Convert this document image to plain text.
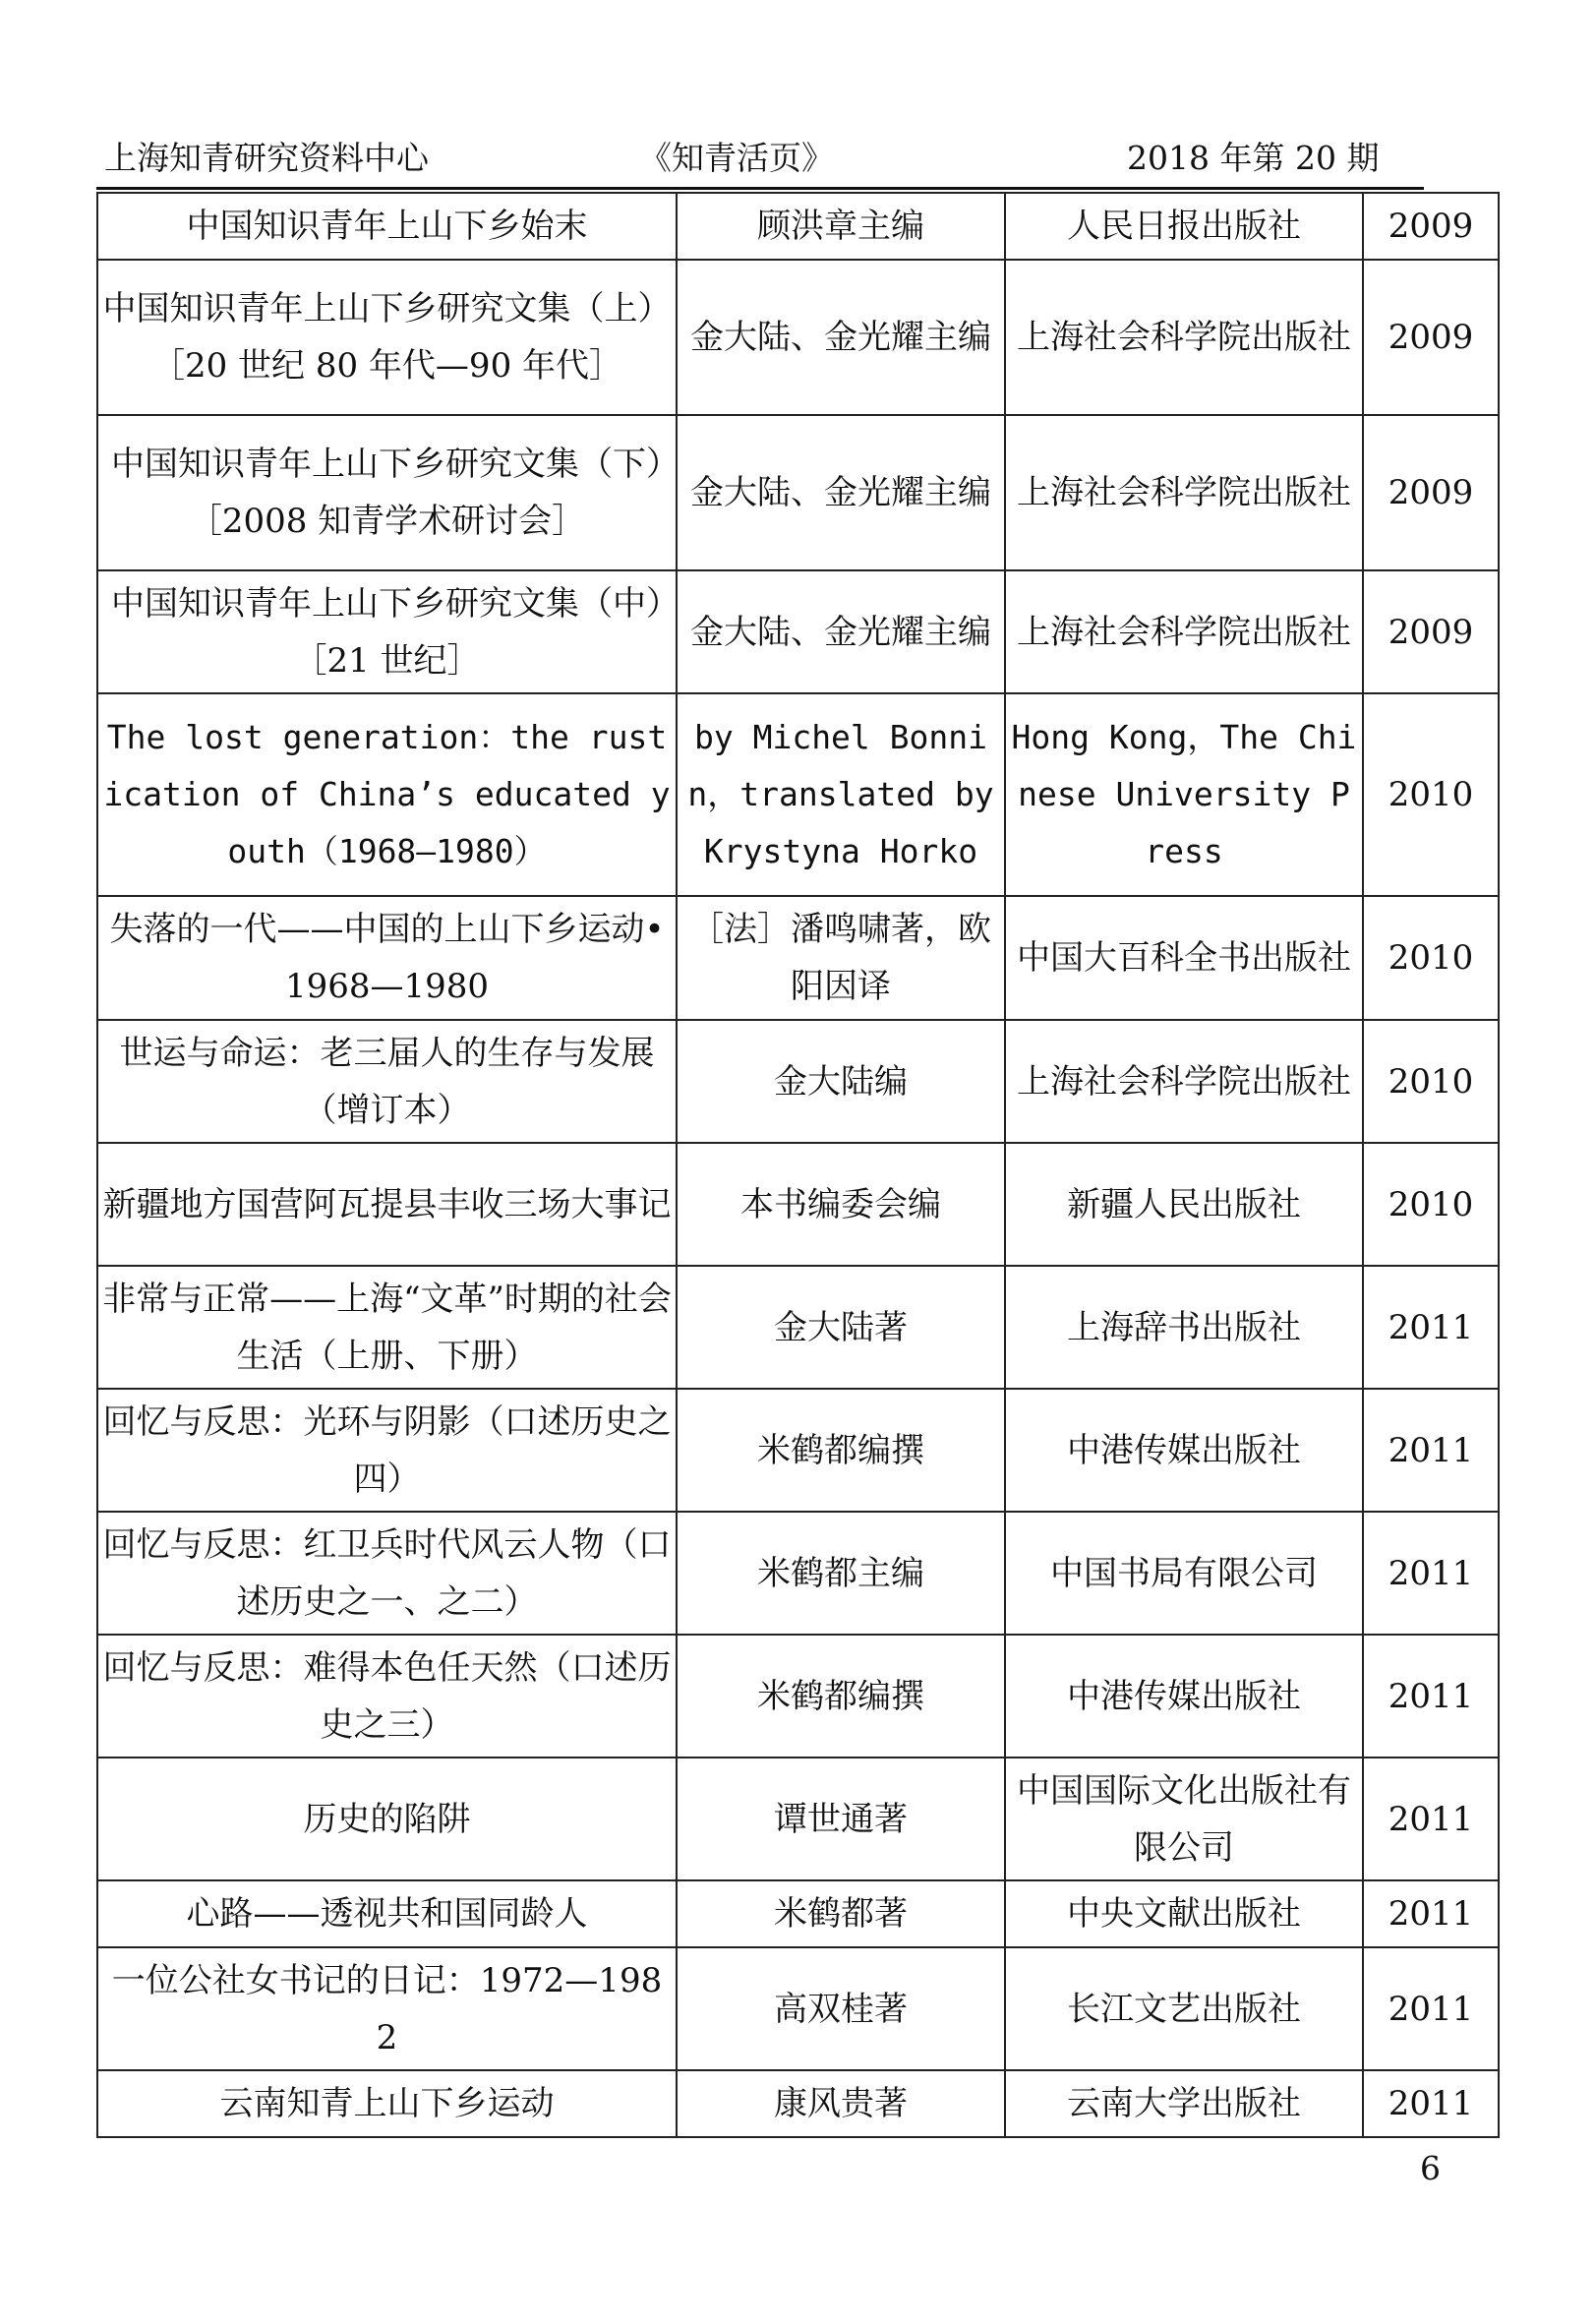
上海知青研究资料中心	《知青活页》	2018 年第 20 期
中国知识青年上山下乡始末	顾洪章主编	人民日报出版社	2009
中国知识青年上山下乡研究文集（上）［20 世纪 80 年代—90 年代］	金大陆、金光耀主编	上海社会科学院出版社	2009
中国知识青年上山下乡研究文集（下）　［2008 知青学术研讨会］	金大陆、金光耀主编	上海社会科学院出版社	2009
中国知识青年上山下乡研究文集（中）　［21 世纪］	金大陆、金光耀主编	上海社会科学院出版社	2009
The lost generation：the rustication of China’s educated youth（1968—1980）	by Michel Bonnin，translated by Krystyna Horko	Hong Kong，The Chinese University Press	2010
失落的一代——中国的上山下乡运动•1968—1980	［法］潘鸣啸著，欧阳因译	中国大百科全书出版社	2010
世运与命运：老三届人的生存与发展（增订本）	金大陆编	上海社会科学院出版社	2010
新疆地方国营阿瓦提县丰收三场大事记	本书编委会编	新疆人民出版社	2010
非常与正常——上海“文革”时期的社会生活（上册、下册）	金大陆著	上海辞书出版社	2011
回忆与反思：光环与阴影（口述历史之四）	米鹤都编撰	中港传媒出版社	2011
回忆与反思：红卫兵时代风云人物（口述历史之一、之二）	米鹤都主编	中国书局有限公司	2011
回忆与反思：难得本色任天然（口述历史之三）	米鹤都编撰	中港传媒出版社	2011
历史的陷阱	谭世通著	中国国际文化出版社有限公司	2011
心路——透视共和国同龄人	米鹤都著	中央文献出版社	2011
一位公社女书记的日记：1972—1982	高双桂著	长江文艺出版社	2011
云南知青上山下乡运动	康风贵著	云南大学出版社	2011
6
